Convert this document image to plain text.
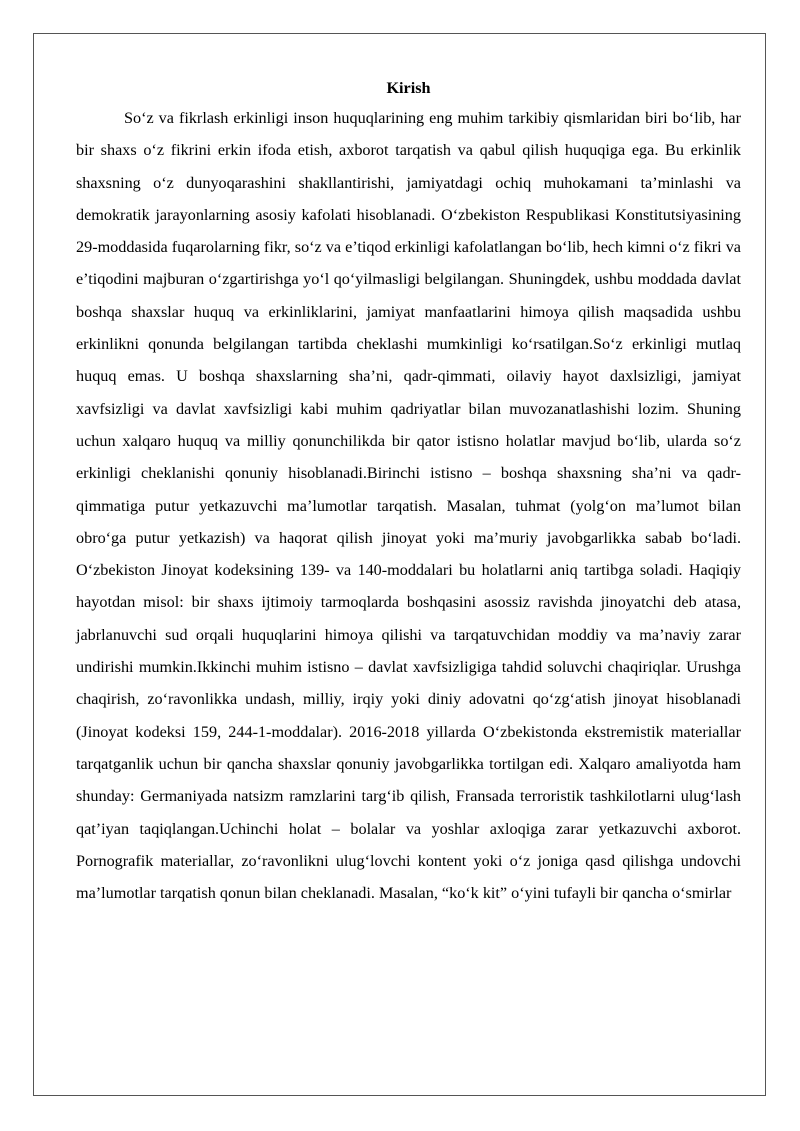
Kirish

So‘z va fikrlash erkinligi inson huquqlarining eng muhim tarkibiy qismlaridan biri bo‘lib, har bir shaxs o‘z fikrini erkin ifoda etish, axborot tarqatish va qabul qilish huquqiga ega. Bu erkinlik shaxsning o‘z dunyoqarashini shakllantirishi, jamiyatdagi ochiq muhokamani ta’minlashi va demokratik jarayonlarning asosiy kafolati hisoblanadi. O‘zbekiston Respublikasi Konstitutsiyasining 29-moddasida fuqarolarning fikr, so‘z va e’tiqod erkinligi kafolatlangan bo‘lib, hech kimni o‘z fikri va e’tiqodini majburan o‘zgartirishga yo‘l qo‘yilmasligi belgilangan. Shuningdek, ushbu moddada davlat boshqa shaxslar huquq va erkinliklarini, jamiyat manfaatlarini himoya qilish maqsadida ushbu erkinlikni qonunda belgilangan tartibda cheklashi mumkinligi ko‘rsatilgan.So‘z erkinligi mutlaq huquq emas. U boshqa shaxslarning sha’ni, qadr-qimmati, oilaviy hayot daxlsizligi, jamiyat xavfsizligi va davlat xavfsizligi kabi muhim qadriyatlar bilan muvozanatlashishi lozim. Shuning uchun xalqaro huquq va milliy qonunchilikda bir qator istisno holatlar mavjud bo‘lib, ularda so‘z erkinligi cheklanishi qonuniy hisoblanadi.Birinchi istisno – boshqa shaxsning sha’ni va qadr-qimmatiga putur yetkazuvchi ma’lumotlar tarqatish. Masalan, tuhmat (yolg‘on ma’lumot bilan obro‘ga putur yetkazish) va haqorat qilish jinoyat yoki ma’muriy javobgarlikka sabab bo‘ladi. O‘zbekiston Jinoyat kodeksining 139- va 140-moddalari bu holatlarni aniq tartibga soladi. Haqiqiy hayotdan misol: bir shaxs ijtimoiy tarmoqlarda boshqasini asossiz ravishda jinoyatchi deb atasa, jabrlanuvchi sud orqali huquqlarini himoya qilishi va tarqatuvchidan moddiy va ma’naviy zarar undirishi mumkin.Ikkinchi muhim istisno – davlat xavfsizligiga tahdid soluvchi chaqiriqlar. Urushga chaqirish, zo‘ravonlikka undash, milliy, irqiy yoki diniy adovatni qo‘zg‘atish jinoyat hisoblanadi (Jinoyat kodeksi 159, 244-1-moddalar). 2016-2018 yillarda O‘zbekistonda ekstremistik materiallar tarqatganlik uchun bir qancha shaxslar qonuniy javobgarlikka tortilgan edi. Xalqaro amaliyotda ham shunday: Germaniyada natsizm ramzlarini targ‘ib qilish, Fransada terroristik tashkilotlarni ulug‘lash qat’iyan taqiqlangan.Uchinchi holat – bolalar va yoshlar axloqiga zarar yetkazuvchi axborot. Pornografik materiallar, zo‘ravonlikni ulug‘lovchi kontent yoki o‘z joniga qasd qilishga undovchi ma’lumotlar tarqatish qonun bilan cheklanadi. Masalan, “ko‘k kit” o‘yini tufayli bir qancha o‘smirlar
